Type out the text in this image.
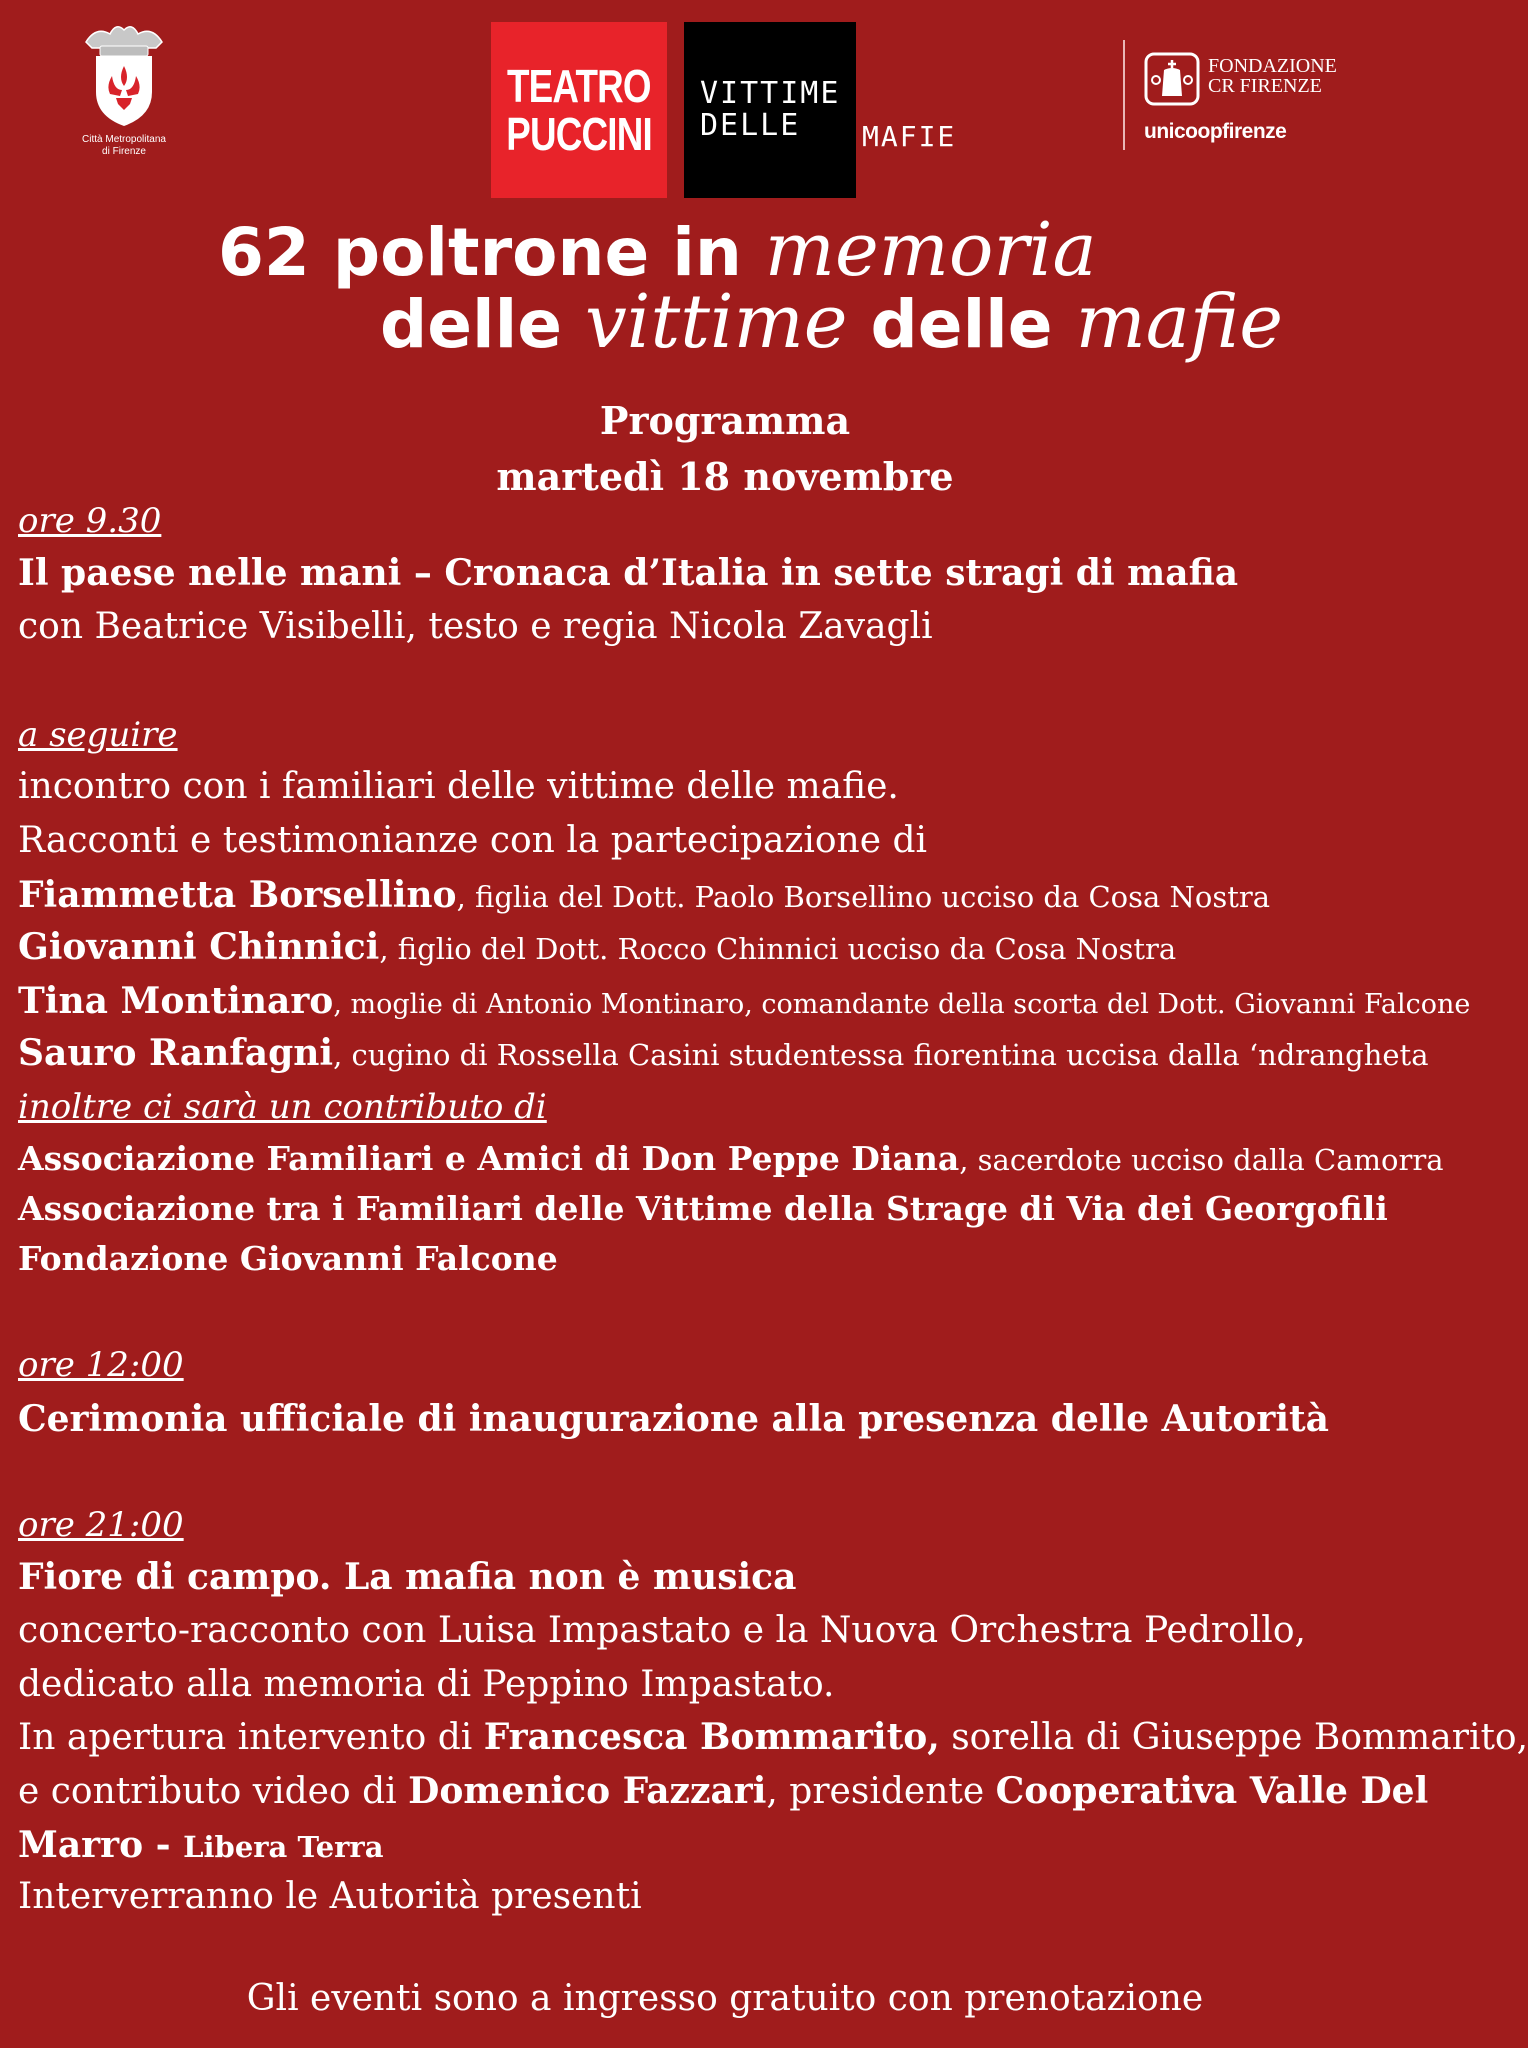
Città Metropolitana
di Firenze
TEATRO
PUCCINI
VITTIME
DELLE	MAFIE
FONDAZIONE
CR FIRENZE
unicoopfirenze
62 poltrone in memoria
delle vittime delle mafie
Programma
martedì 18 novembre
ore 9.30
Il paese nelle mani – Cronaca d’Italia in sette stragi di mafia
con Beatrice Visibelli, testo e regia Nicola Zavagli
a seguire
incontro con i familiari delle vittime delle mafie.
Racconti e testimonianze con la partecipazione di
Fiammetta Borsellino, figlia del Dott. Paolo Borsellino ucciso da Cosa Nostra
Giovanni Chinnici, figlio del Dott. Rocco Chinnici ucciso da Cosa Nostra
Tina Montinaro, moglie di Antonio Montinaro, comandante della scorta del Dott. Giovanni Falcone
Sauro Ranfagni, cugino di Rossella Casini studentessa fiorentina uccisa dalla ‘ndrangheta
inoltre ci sarà un contributo di
Associazione Familiari e Amici di Don Peppe Diana, sacerdote ucciso dalla Camorra
Associazione tra i Familiari delle Vittime della Strage di Via dei Georgofili
Fondazione Giovanni Falcone
ore 12:00
Cerimonia ufficiale di inaugurazione alla presenza delle Autorità
ore 21:00
Fiore di campo. La mafia non è musica
concerto-racconto con Luisa Impastato e la Nuova Orchestra Pedrollo,
dedicato alla memoria di Peppino Impastato.
In apertura intervento di Francesca Bommarito, sorella di Giuseppe Bommarito,
e contributo video di Domenico Fazzari, presidente Cooperativa Valle Del
Marro - Libera Terra
Interverranno le Autorità presenti
Gli eventi sono a ingresso gratuito con prenotazione
